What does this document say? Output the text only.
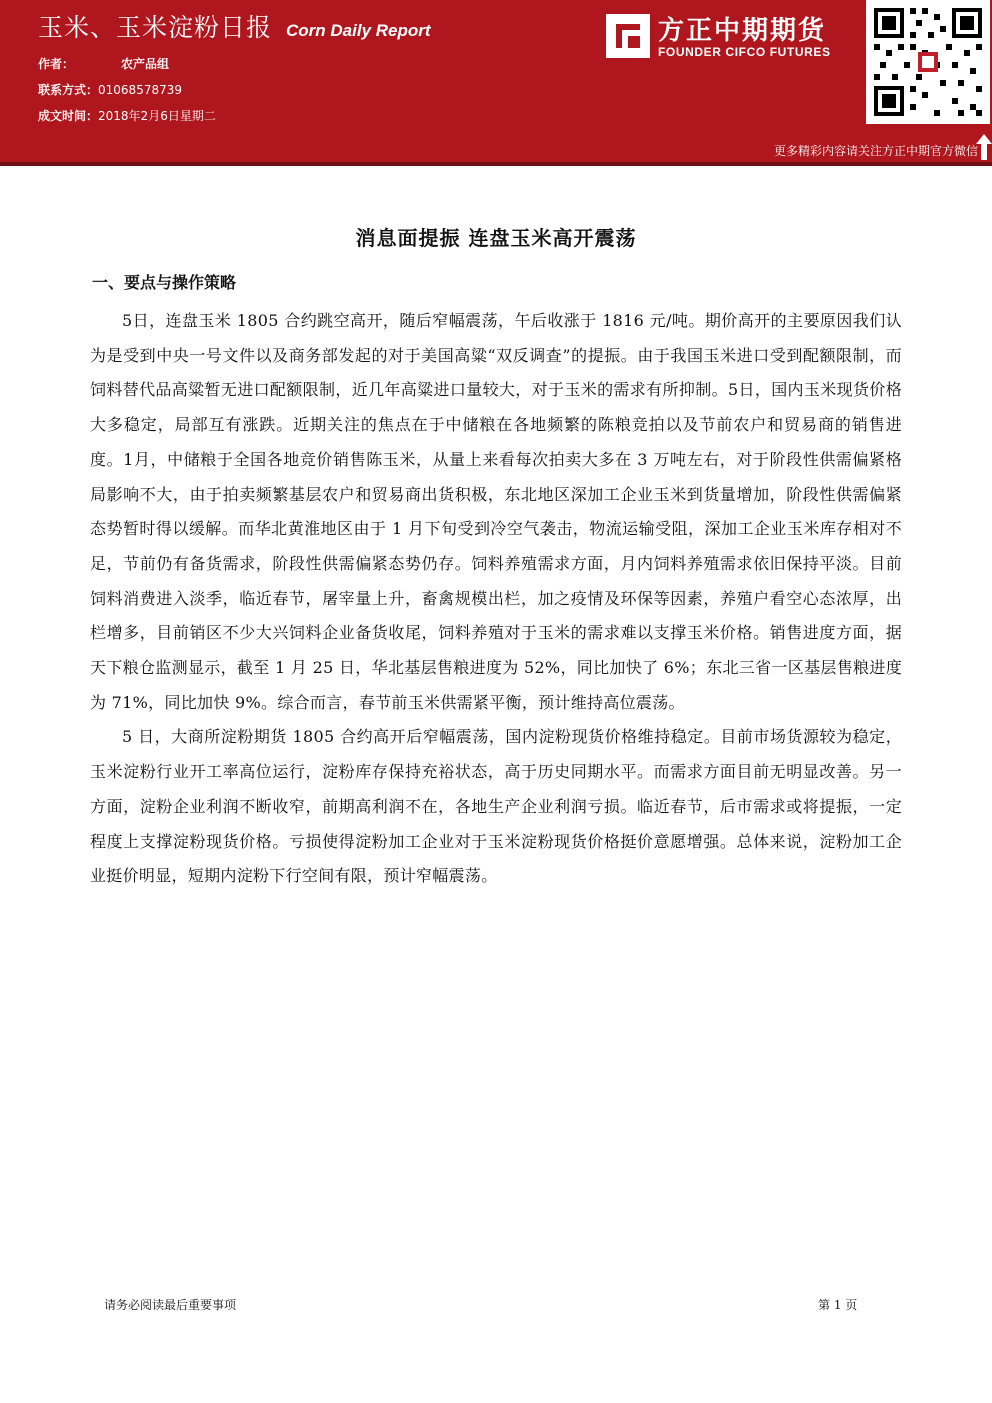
玉米、玉米淀粉日报 Corn Daily Report
作者：	农产品组
联系方式：01068578739
成文时间：2018年2月6日星期二
方正中期期货
FOUNDER CIFCO FUTURES
更多精彩内容请关注方正中期官方微信
消息面提振 连盘玉米高开震荡
一、要点与操作策略

5日，连盘玉米 1805 合约跳空高开，随后窄幅震荡，午后收涨于 1816 元/吨。期价高开的主要原因我们认为是受到中央一号文件以及商务部发起的对于美国高粱“双反调查”的提振。由于我国玉米进口受到配额限制，而饲料替代品高粱暂无进口配额限制，近几年高粱进口量较大，对于玉米的需求有所抑制。5日，国内玉米现货价格大多稳定，局部互有涨跌。近期关注的焦点在于中储粮在各地频繁的陈粮竞拍以及节前农户和贸易商的销售进度。1月，中储粮于全国各地竞价销售陈玉米，从量上来看每次拍卖大多在 3 万吨左右，对于阶段性供需偏紧格局影响不大，由于拍卖频繁基层农户和贸易商出货积极，东北地区深加工企业玉米到货量增加，阶段性供需偏紧态势暂时得以缓解。而华北黄淮地区由于 1 月下旬受到冷空气袭击，物流运输受阻，深加工企业玉米库存相对不足，节前仍有备货需求，阶段性供需偏紧态势仍存。饲料养殖需求方面，月内饲料养殖需求依旧保持平淡。目前饲料消费进入淡季，临近春节，屠宰量上升，畜禽规模出栏，加之疫情及环保等因素，养殖户看空心态浓厚，出栏增多，目前销区不少大兴饲料企业备货收尾，饲料养殖对于玉米的需求难以支撑玉米价格。销售进度方面，据天下粮仓监测显示，截至 1 月 25 日，华北基层售粮进度为 52%，同比加快了 6%；东北三省一区基层售粮进度为 71%，同比加快 9%。综合而言，春节前玉米供需紧平衡，预计维持高位震荡。

5 日，大商所淀粉期货 1805 合约高开后窄幅震荡，国内淀粉现货价格维持稳定。目前市场货源较为稳定，玉米淀粉行业开工率高位运行，淀粉库存保持充裕状态，高于历史同期水平。而需求方面目前无明显改善。另一方面，淀粉企业利润不断收窄，前期高利润不在，各地生产企业利润亏损。临近春节，后市需求或将提振，一定程度上支撑淀粉现货价格。亏损使得淀粉加工企业对于玉米淀粉现货价格挺价意愿增强。总体来说，淀粉加工企业挺价明显，短期内淀粉下行空间有限，预计窄幅震荡。

请务必阅读最后重要事项	第 1 页
